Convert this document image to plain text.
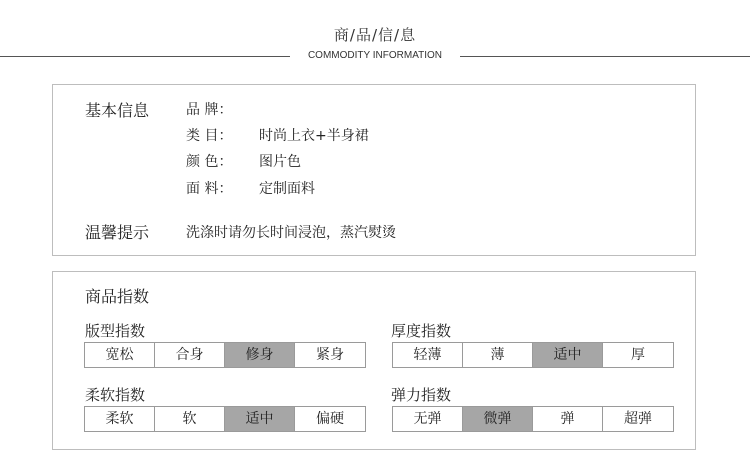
商/品/信/息
COMMODITY INFORMATION
基本信息	品 牌：
类 目： 时尚上衣+半身裙
颜 色： 图片色
面 料： 定制面料
温馨提示	洗涤时请勿长时间浸泡，蒸汽熨烫
商品指数
版型指数
宽松	合身	修身	紧身
厚度指数
轻薄	薄	适中	厚
柔软指数
柔软	软	适中	偏硬
弹力指数
无弹	微弹	弹	超弹
